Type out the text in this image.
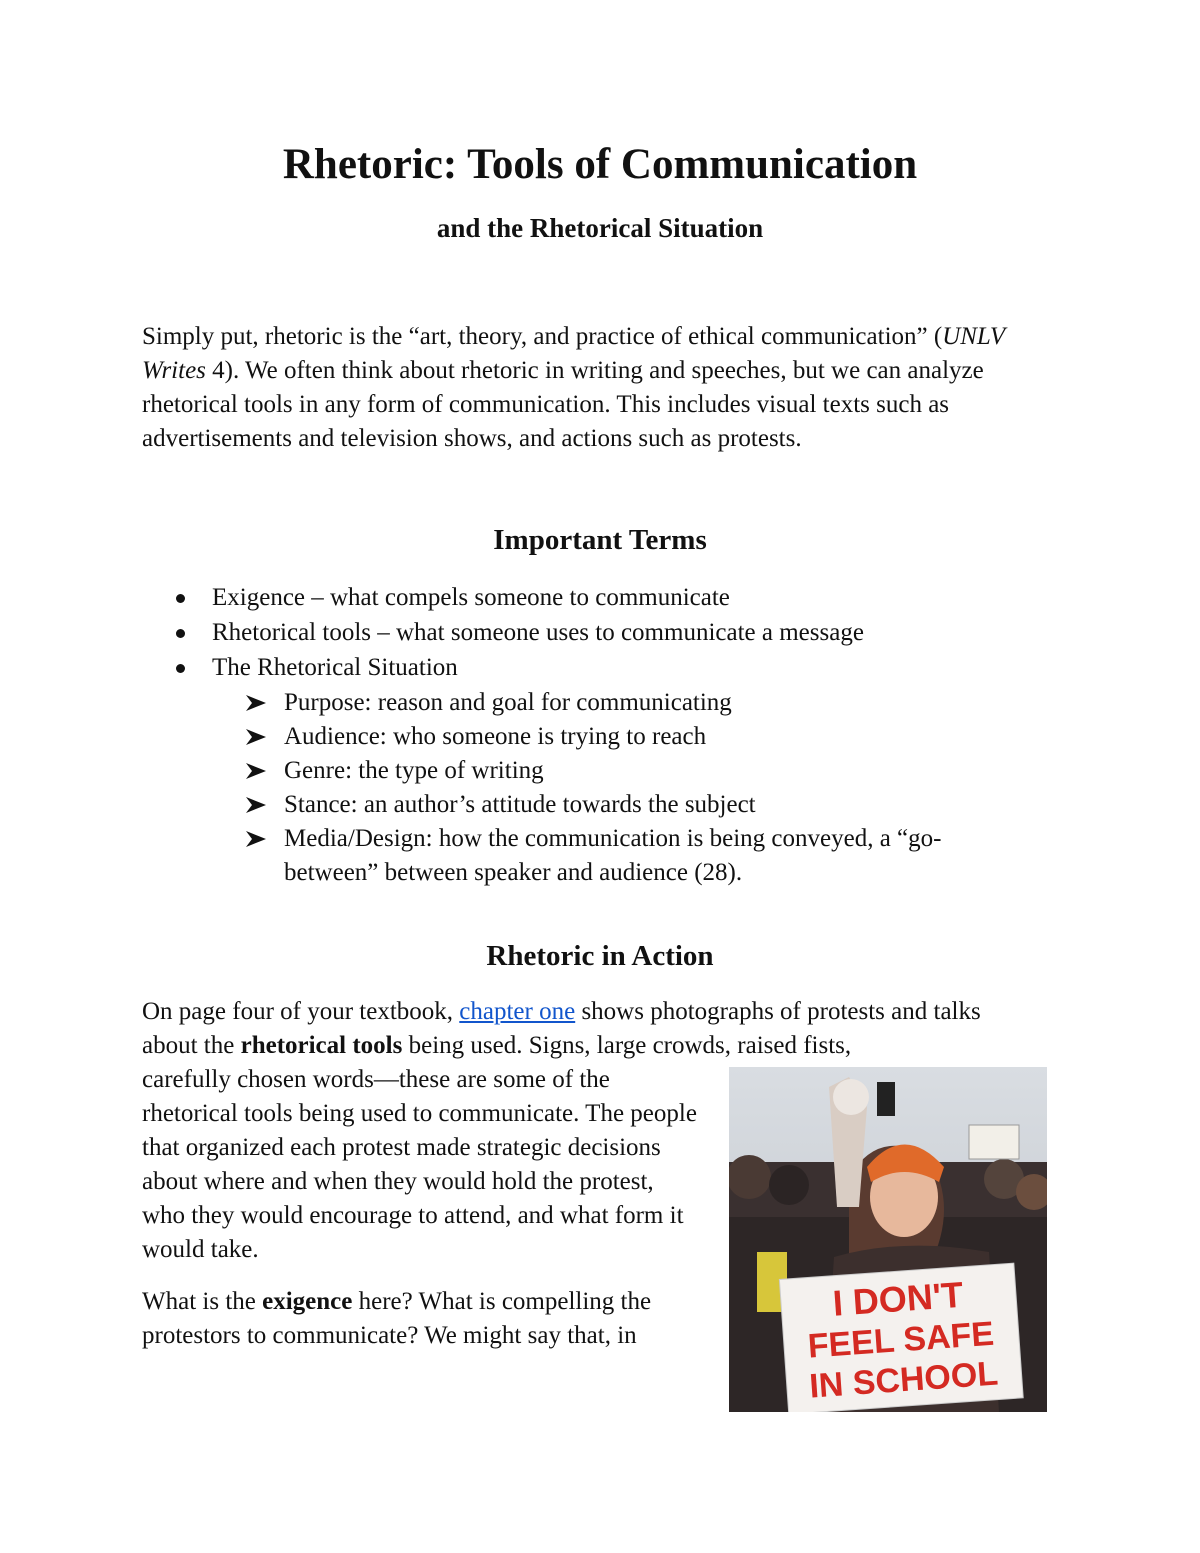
Rhetoric: Tools of Communication
and the Rhetorical Situation

Simply put, rhetoric is the “art, theory, and practice of ethical communication” (UNLV Writes 4). We often think about rhetoric in writing and speeches, but we can analyze rhetorical tools in any form of communication. This includes visual texts such as advertisements and television shows, and actions such as protests.

Important Terms
Exigence – what compels someone to communicate
Rhetorical tools – what someone uses to communicate a message
The Rhetorical Situation
Purpose: reason and goal for communicating
Audience: who someone is trying to reach
Genre: the type of writing
Stance: an author’s attitude towards the subject
Media/Design: how the communication is being conveyed, a “go-between” between speaker and audience (28).
Rhetoric in Action

On page four of your textbook, chapter one shows photographs of protests and talks about the rhetorical tools being used. Signs, large crowds, raised fists,

carefully chosen words—these are some of the rhetorical tools being used to communicate. The people that organized each protest made strategic decisions about where and when they would hold the protest, who they would encourage to attend, and what form it would take.

What is the exigence here? What is compelling the protestors to communicate? We might say that, in

I DON'T
FEEL SAFE
IN SCHOOL
